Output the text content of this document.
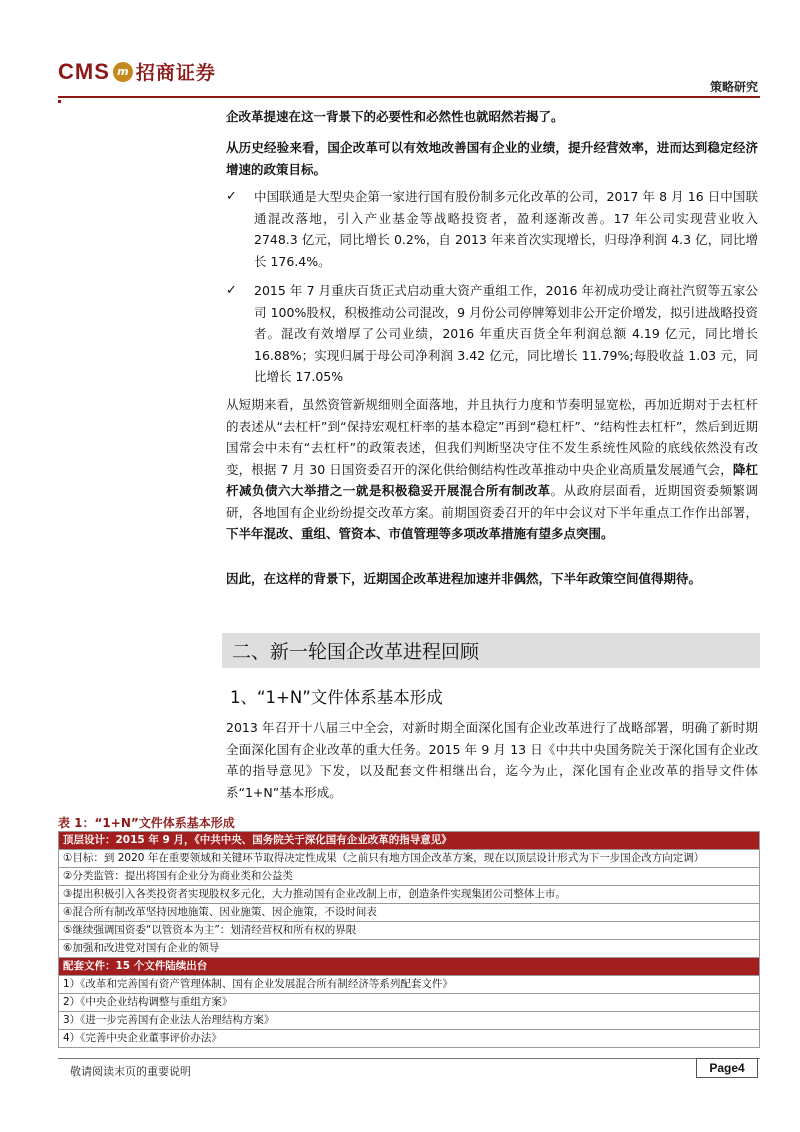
CMS m 招商证券
策略研究

企改革提速在这一背景下的必要性和必然性也就昭然若揭了。

从历史经验来看，国企改革可以有效地改善国有企业的业绩，提升经营效率，进而达到稳定经济增速的政策目标。

✓ 中国联通是大型央企第一家进行国有股份制多元化改革的公司，2017 年 8 月 16 日中国联通混改落地，引入产业基金等战略投资者，盈利逐渐改善。17 年公司实现营业收入 2748.3 亿元，同比增长 0.2%，自 2013 年来首次实现增长，归母净利润 4.3 亿，同比增长 176.4%。

✓ 2015 年 7 月重庆百货正式启动重大资产重组工作，2016 年初成功受让商社汽贸等五家公司 100%股权，积极推动公司混改，9 月份公司停牌筹划非公开定价增发，拟引进战略投资者。混改有效增厚了公司业绩，2016 年重庆百货全年利润总额 4.19 亿元，同比增长 16.88%；实现归属于母公司净利润 3.42 亿元，同比增长 11.79%;每股收益 1.03 元，同比增长 17.05%

从短期来看，虽然资管新规细则全面落地，并且执行力度和节奏明显宽松，再加近期对于去杠杆的表述从“去杠杆”到“保持宏观杠杆率的基本稳定”再到“稳杠杆”、“结构性去杠杆”，然后到近期国常会中未有“去杠杆”的政策表述，但我们判断坚决守住不发生系统性风险的底线依然没有改变，根据 7 月 30 日国资委召开的深化供给侧结构性改革推动中央企业高质量发展通气会，降杠杆减负债六大举措之一就是积极稳妥开展混合所有制改革。从政府层面看，近期国资委频繁调研，各地国有企业纷纷提交改革方案。前期国资委召开的年中会议对下半年重点工作作出部署，下半年混改、重组、管资本、市值管理等多项改革措施有望多点突围。

因此，在这样的背景下，近期国企改革进程加速并非偶然，下半年政策空间值得期待。

二、新一轮国企改革进程回顾
1、“1+N”文件体系基本形成

2013 年召开十八届三中全会，对新时期全面深化国有企业改革进行了战略部署，明确了新时期全面深化国有企业改革的重大任务。2015 年 9 月 13 日《中共中央国务院关于深化国有企业改革的指导意见》下发，以及配套文件相继出台，迄今为止，深化国有企业改革的指导文件体系“1+N”基本形成。

表 1：“1+N”文件体系基本形成
顶层设计：2015 年 9 月，《中共中央、国务院关于深化国有企业改革的指导意见》
①目标：到 2020 年在重要领域和关键环节取得决定性成果（之前只有地方国企改革方案，现在以顶层设计形式为下一步国企改方向定调）
②分类监管：提出将国有企业分为商业类和公益类
③提出积极引入各类投资者实现股权多元化，大力推动国有企业改制上市，创造条件实现集团公司整体上市。
④混合所有制改革坚持因地施策、因业施策、因企施策，不设时间表
⑤继续强调国资委“以管资本为主”：划清经营权和所有权的界限
⑥加强和改进党对国有企业的领导
配套文件：15 个文件陆续出台
1）《改革和完善国有资产管理体制、国有企业发展混合所有制经济等系列配套文件》
2）《中央企业结构调整与重组方案》
3）《进一步完善国有企业法人治理结构方案》
4）《完善中央企业董事评价办法》
敬请阅读末页的重要说明	Page4
